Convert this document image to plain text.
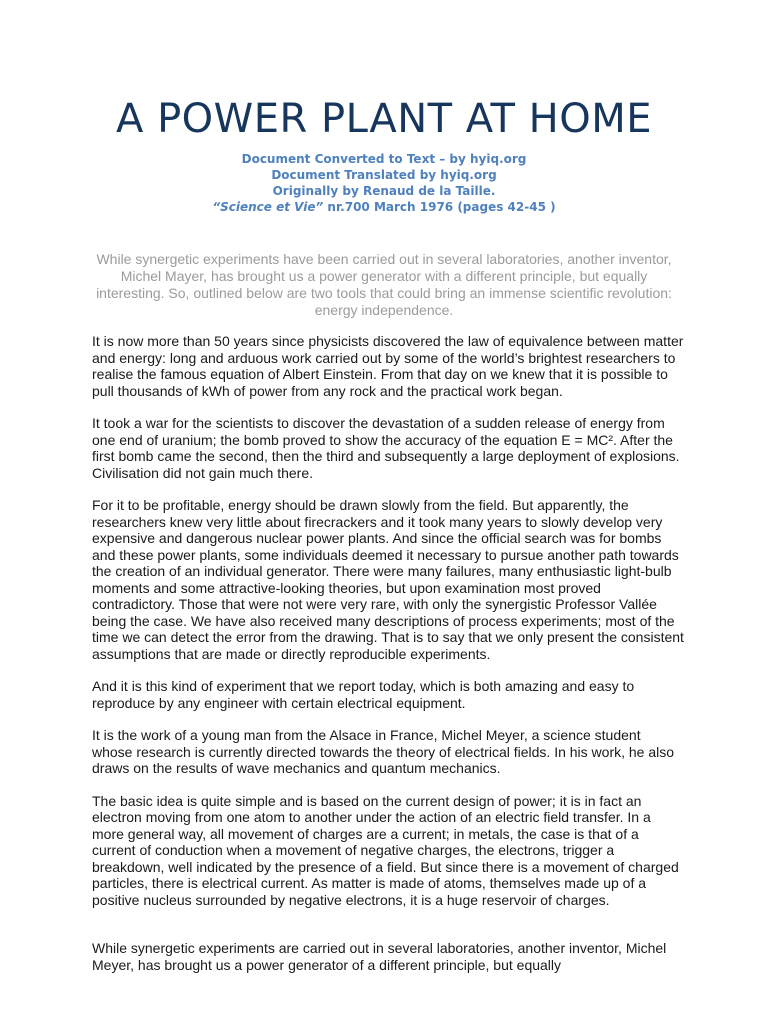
A POWER PLANT AT HOME
Document Converted to Text – by hyiq.org
Document Translated by hyiq.org
Originally by Renaud de la Taille.
“Science et Vie” nr.700 March 1976 (pages 42-45 )
While synergetic experiments have been carried out in several laboratories, another inventor, Michel Mayer, has brought us a power generator with a different principle, but equally interesting. So, outlined below are two tools that could bring an immense scientific revolution: energy independence.

It is now more than 50 years since physicists discovered the law of equivalence between matter and energy: long and arduous work carried out by some of the world’s brightest researchers to realise the famous equation of Albert Einstein. From that day on we knew that it is possible to pull thousands of kWh of power from any rock and the practical work began.

It took a war for the scientists to discover the devastation of a sudden release of energy from one end of uranium; the bomb proved to show the accuracy of the equation E = MC². After the first bomb came the second, then the third and subsequently a large deployment of explosions. Civilisation did not gain much there.

For it to be profitable, energy should be drawn slowly from the field. But apparently, the researchers knew very little about firecrackers and it took many years to slowly develop very expensive and dangerous nuclear power plants. And since the official search was for bombs and these power plants, some individuals deemed it necessary to pursue another path towards the creation of an individual generator. There were many failures, many enthusiastic light-bulb moments and some attractive-looking theories, but upon examination most proved contradictory. Those that were not were very rare, with only the synergistic Professor Vallée being the case. We have also received many descriptions of process experiments; most of the time we can detect the error from the drawing. That is to say that we only present the consistent assumptions that are made or directly reproducible experiments.

And it is this kind of experiment that we report today, which is both amazing and easy to reproduce by any engineer with certain electrical equipment.

It is the work of a young man from the Alsace in France, Michel Meyer, a science student whose research is currently directed towards the theory of electrical fields. In his work, he also draws on the results of wave mechanics and quantum mechanics.

The basic idea is quite simple and is based on the current design of power; it is in fact an electron moving from one atom to another under the action of an electric field transfer. In a more general way, all movement of charges are a current; in metals, the case is that of a current of conduction when a movement of negative charges, the electrons, trigger a breakdown, well indicated by the presence of a field. But since there is a movement of charged particles, there is electrical current. As matter is made of atoms, themselves made up of a positive nucleus surrounded by negative electrons, it is a huge reservoir of charges.

While synergetic experiments are carried out in several laboratories, another inventor, Michel Meyer, has brought us a power generator of a different principle, but equally
